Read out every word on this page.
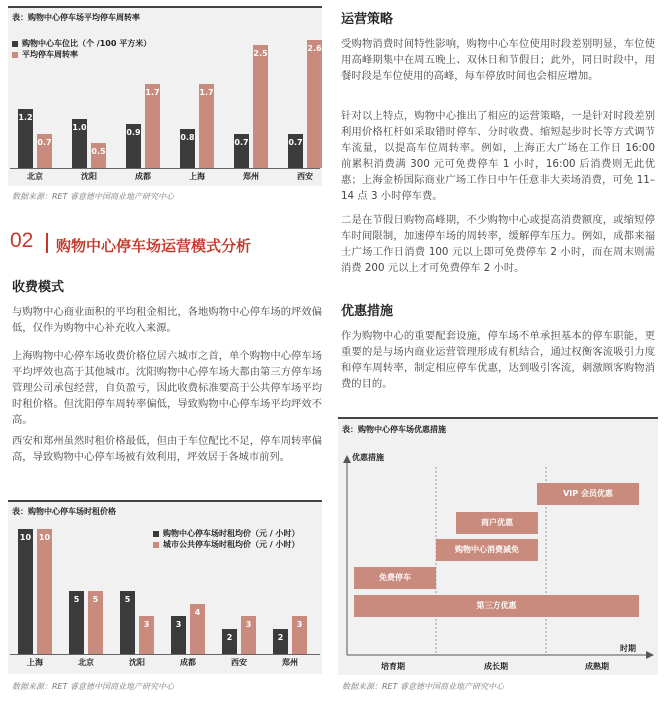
表：购物中心停车场平均停车周转率
购物中心车位比（个 /100 平方米）
平均停车周转率
1.2
0.7
北京
1.0
0.5
沈阳
0.9
1.7
成都
0.8
1.7
上海
0.7
2.5
郑州
0.7
2.6
西安
数据来源：RET 睿意德中国商业地产研究中心
02 购物中心停车场运营模式分析
收费模式
与购物中心商业面积的平均租金相比，各地购物中心停车场的坪效偏低，仅作为购物中心补充收入来源。
上海购物中心停车场收费价格位居六城市之首，单个购物中心停车场平均坪效也高于其他城市。沈阳购物中心停车场大都由第三方停车场管理公司承包经营，自负盈亏，因此收费标准要高于公共停车场平均时租价格。但沈阳停车周转率偏低，导致购物中心停车场平均坪效不高。
西安和郑州虽然时租价格最低，但由于车位配比不足，停车周转率偏高，导致购物中心停车场被有效利用，坪效居于各城市前列。
表：购物中心停车场时租价格
购物中心停车场时租均价（元 / 小时）
城市公共停车场时租均价（元 / 小时）
10 10
上海
5	5
北京
5
3
沈阳
3
4
成都
2
3
西安
2
3
郑州
数据来源：RET 睿意德中国商业地产研究中心
运营策略
受购物消费时间特性影响，购物中心车位使用时段差别明显，车位使用高峰期集中在周五晚上、双休日和节假日；此外，同日时段中，用餐时段是车位使用的高峰，每车停放时间也会相应增加。
针对以上特点，购物中心推出了相应的运营策略，一是针对时段差别利用价格杠杆如采取错时停车、分时收费、缩短起步时长等方式调节车流量，以提高车位周转率。例如，上海正大广场在工作日 16:00 前累积消费满 300 元可免费停车 1 小时，16:00 后消费则无此优惠；上海金桥国际商业广场工作日中午任意非大卖场消费，可免 11–14 点 3 小时停车费。
二是在节假日购物高峰期，不少购物中心或提高消费额度，或缩短停车时间限制，加速停车场的周转率，缓解停车压力。例如，成都来福士广场工作日消费 100 元以上即可免费停车 2 小时，而在周末则需消费 200 元以上才可免费停车 2 小时。
优惠措施
作为购物中心的重要配套设施，停车场不单承担基本的停车职能，更重要的是与场内商业运营管理形成有机结合，通过权衡客流吸引力度和停车周转率，制定相应停车优惠，达到吸引客流，刺激顾客购物消费的目的。
表：购物中心停车场优惠措施
优惠措施
时期
VIP 会员优惠
商户优惠
购物中心消费减免
免费停车
第三方优惠
培育期	成长期	成熟期
数据来源：RET 睿意德中国商业地产研究中心
